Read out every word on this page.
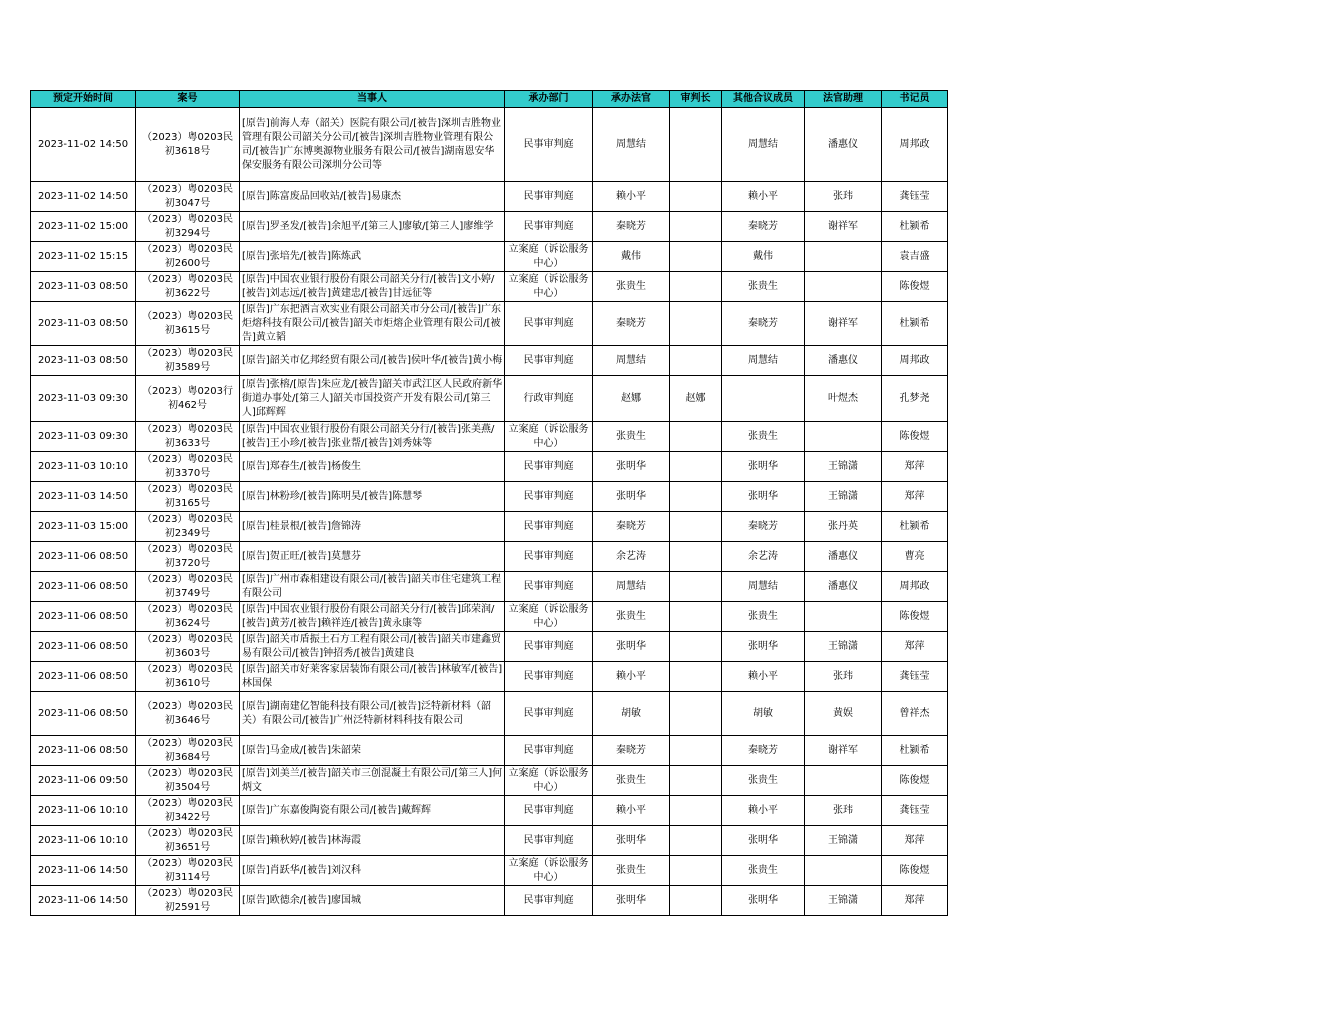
预定开始时间	案号	当事人	承办部门	承办法官	审判长	其他合议成员	法官助理	书记员
2023-11-02 14:50	（2023）粤0203民初3618号	[原告]前海人寿（韶关）医院有限公司/[被告]深圳吉胜物业管理有限公司韶关分公司/[被告]深圳吉胜物业管理有限公司/[被告]广东博奥源物业服务有限公司/[被告]湖南恩安华保安服务有限公司深圳分公司等	民事审判庭	周慧结		周慧结	潘惠仪	周邦政
2023-11-02 14:50	（2023）粤0203民初3047号	[原告]陈富废品回收站/[被告]易康杰	民事审判庭	赖小平		赖小平	张玮	龚钰莹
2023-11-02 15:00	（2023）粤0203民初3294号	[原告]罗圣发/[被告]余旭平/[第三人]廖敏/[第三人]廖维学	民事审判庭	秦晓芳		秦晓芳	谢祥军	杜颍希
2023-11-02 15:15	（2023）粤0203民初2600号	[原告]张培先/[被告]陈炼武	立案庭（诉讼服务中心）	戴伟		戴伟		袁吉盛
2023-11-03 08:50	（2023）粤0203民初3622号	[原告]中国农业银行股份有限公司韶关分行/[被告]文小婷/[被告]刘志远/[被告]黄建忠/[被告]甘远征等	立案庭（诉讼服务中心）	张贵生		张贵生		陈俊煜
2023-11-03 08:50	（2023）粤0203民初3615号	[原告]广东把酒言欢实业有限公司韶关市分公司/[被告]广东炬熔科技有限公司/[被告]韶关市炬熔企业管理有限公司/[被告]黄立韬	民事审判庭	秦晓芳		秦晓芳	谢祥军	杜颍希
2023-11-03 08:50	（2023）粤0203民初3589号	[原告]韶关市亿邦经贸有限公司/[被告]侯叶华/[被告]黄小梅	民事审判庭	周慧结		周慧结	潘惠仪	周邦政
2023-11-03 09:30	（2023）粤0203行初462号	[原告]张榕/[原告]朱应龙/[被告]韶关市武江区人民政府新华街道办事处/[第三人]韶关市国投资产开发有限公司/[第三人]邱辉辉	行政审判庭	赵娜	赵娜		叶煜杰	孔梦尧
2023-11-03 09:30	（2023）粤0203民初3633号	[原告]中国农业银行股份有限公司韶关分行/[被告]张美燕/[被告]王小珍/[被告]张业帮/[被告]刘秀妹等	立案庭（诉讼服务中心）	张贵生		张贵生		陈俊煜
2023-11-03 10:10	（2023）粤0203民初3370号	[原告]郑春生/[被告]杨俊生	民事审判庭	张明华		张明华	王锦潇	郑萍
2023-11-03 14:50	（2023）粤0203民初3165号	[原告]林粉珍/[被告]陈明昊/[被告]陈慧琴	民事审判庭	张明华		张明华	王锦潇	郑萍
2023-11-03 15:00	（2023）粤0203民初2349号	[原告]桂景根/[被告]詹锦涛	民事审判庭	秦晓芳		秦晓芳	张丹英	杜颍希
2023-11-06 08:50	（2023）粤0203民初3720号	[原告]贺正旺/[被告]莫慧芬	民事审判庭	余艺涛		余艺涛	潘惠仪	曹亮
2023-11-06 08:50	（2023）粤0203民初3749号	[原告]广州市森相建设有限公司/[被告]韶关市住宅建筑工程有限公司	民事审判庭	周慧结		周慧结	潘惠仪	周邦政
2023-11-06 08:50	（2023）粤0203民初3624号	[原告]中国农业银行股份有限公司韶关分行/[被告]邱荣润/[被告]黄芳/[被告]赖祥连/[被告]黄永康等	立案庭（诉讼服务中心）	张贵生		张贵生		陈俊煜
2023-11-06 08:50	（2023）粤0203民初3603号	[原告]韶关市盾振土石方工程有限公司/[被告]韶关市建鑫贸易有限公司/[被告]钟招秀/[被告]黄建良	民事审判庭	张明华		张明华	王锦潇	郑萍
2023-11-06 08:50	（2023）粤0203民初3610号	[原告]韶关市好莱客家居装饰有限公司/[被告]林敏军/[被告]林国保	民事审判庭	赖小平		赖小平	张玮	龚钰莹
2023-11-06 08:50	（2023）粤0203民初3646号	[原告]湖南建亿智能科技有限公司/[被告]泛特新材料（韶关）有限公司/[被告]广州泛特新材料科技有限公司	民事审判庭	胡敏		胡敏	黄娱	曾祥杰
2023-11-06 08:50	（2023）粤0203民初3684号	[原告]马金成/[被告]朱韶荣	民事审判庭	秦晓芳		秦晓芳	谢祥军	杜颍希
2023-11-06 09:50	（2023）粤0203民初3504号	[原告]刘美兰/[被告]韶关市三创混凝土有限公司/[第三人]何炳文	立案庭（诉讼服务中心）	张贵生		张贵生		陈俊煜
2023-11-06 10:10	（2023）粤0203民初3422号	[原告]广东嘉俊陶瓷有限公司/[被告]戴辉辉	民事审判庭	赖小平		赖小平	张玮	龚钰莹
2023-11-06 10:10	（2023）粤0203民初3651号	[原告]赖秋婷/[被告]林海霞	民事审判庭	张明华		张明华	王锦潇	郑萍
2023-11-06 14:50	（2023）粤0203民初3114号	[原告]肖跃华/[被告]刘汉科	立案庭（诉讼服务中心）	张贵生		张贵生		陈俊煜
2023-11-06 14:50	（2023）粤0203民初2591号	[原告]欧德余/[被告]廖国城	民事审判庭	张明华		张明华	王锦潇	郑萍
